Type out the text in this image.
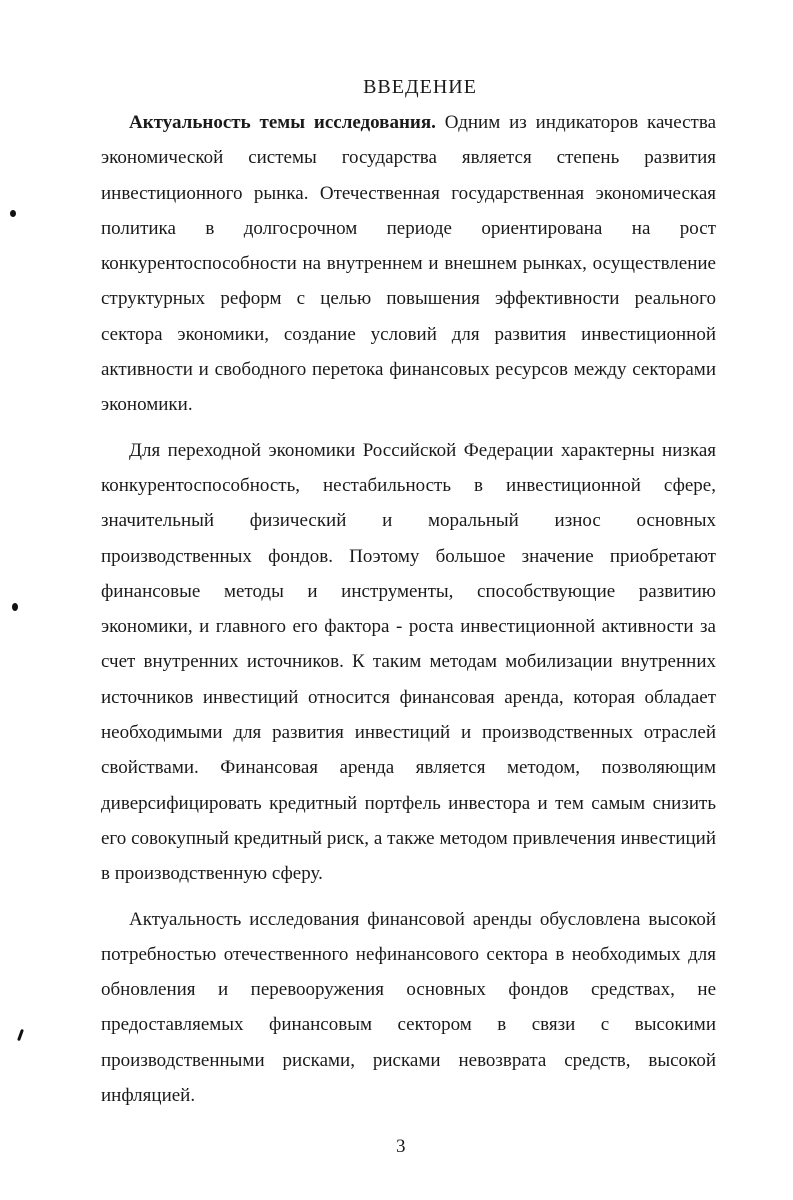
ВВЕДЕНИЕ

Актуальность темы исследования. Одним из индикаторов качества экономической системы государства является степень развития инвестиционного рынка. Отечественная государственная экономическая политика в долгосрочном периоде ориентирована на рост конкурентоспособности на внутреннем и внешнем рынках, осуществление структурных реформ с целью повышения эффективности реального сектора экономики, создание условий для развития инвестиционной активности и свободного перетока финансовых ресурсов между секторами экономики.

Для переходной экономики Российской Федерации характерны низкая конкурентоспособность, нестабильность в инвестиционной сфере, значительный физический и моральный износ основных производственных фондов. Поэтому большое значение приобретают финансовые методы и инструменты, способствующие развитию экономики, и главного его фактора - роста инвестиционной активности за счет внутренних источников. К таким методам мобилизации внутренних источников инвестиций относится финансовая аренда, которая обладает необходимыми для развития инвестиций и производственных отраслей свойствами. Финансовая аренда является методом, позволяющим диверсифицировать кредитный портфель инвестора и тем самым снизить его совокупный кредитный риск, а также методом привлечения инвестиций в производственную сферу.

Актуальность исследования финансовой аренды обусловлена высокой потребностью отечественного нефинансового сектора в необходимых для обновления и перевооружения основных фондов средствах, не предоставляемых финансовым сектором в связи с высокими производственными рисками, рисками невозврата средств, высокой инфляцией.

3
